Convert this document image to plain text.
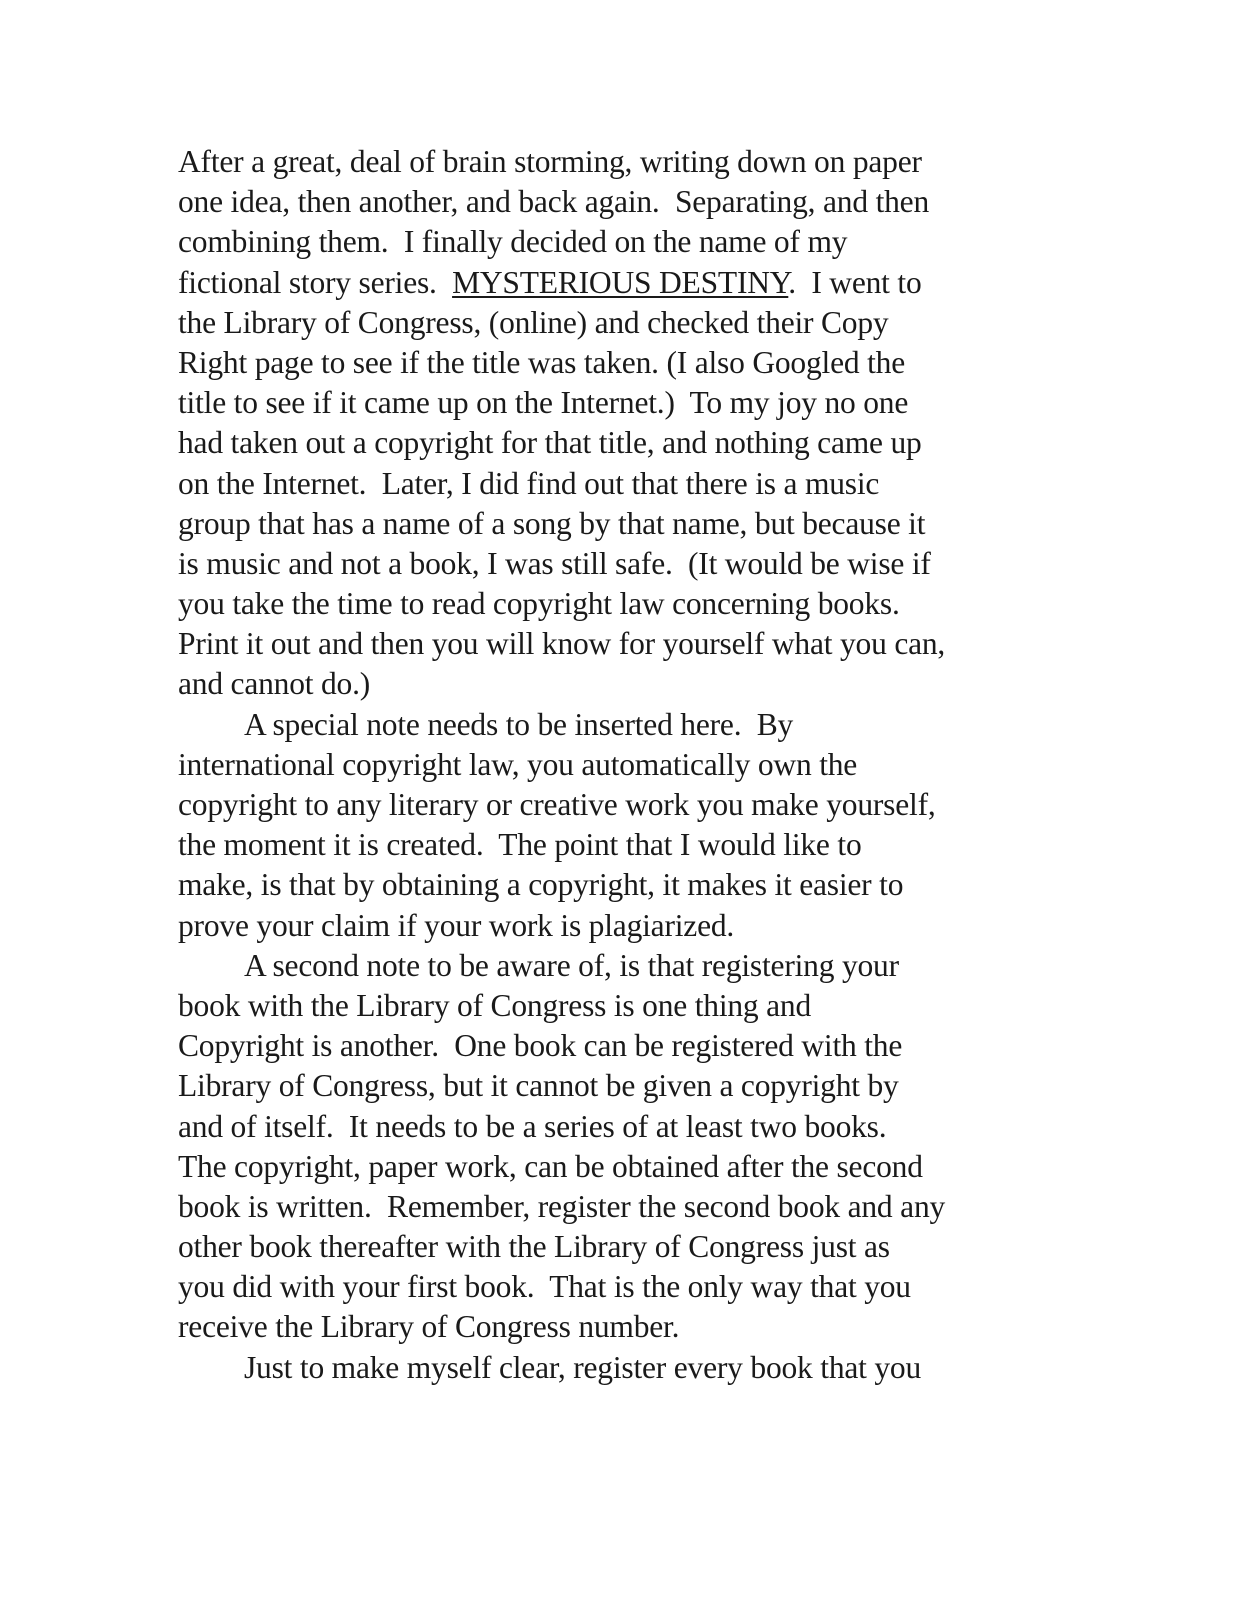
After a great, deal of brain storming, writing down on paper
one idea, then another, and back again.  Separating, and then
combining them.  I finally decided on the name of my
fictional story series.  MYSTERIOUS DESTINY.  I went to
the Library of Congress, (online) and checked their Copy
Right page to see if the title was taken. (I also Googled the
title to see if it came up on the Internet.)  To my joy no one
had taken out a copyright for that title, and nothing came up
on the Internet.  Later, I did find out that there is a music
group that has a name of a song by that name, but because it
is music and not a book, I was still safe.  (It would be wise if
you take the time to read copyright law concerning books.
Print it out and then you will know for yourself what you can,
and cannot do.)
A special note needs to be inserted here.  By
international copyright law, you automatically own the
copyright to any literary or creative work you make yourself,
the moment it is created.  The point that I would like to
make, is that by obtaining a copyright, it makes it easier to
prove your claim if your work is plagiarized.
A second note to be aware of, is that registering your
book with the Library of Congress is one thing and
Copyright is another.  One book can be registered with the
Library of Congress, but it cannot be given a copyright by
and of itself.  It needs to be a series of at least two books.
The copyright, paper work, can be obtained after the second
book is written.  Remember, register the second book and any
other book thereafter with the Library of Congress just as
you did with your first book.  That is the only way that you
receive the Library of Congress number.
Just to make myself clear, register every book that you
